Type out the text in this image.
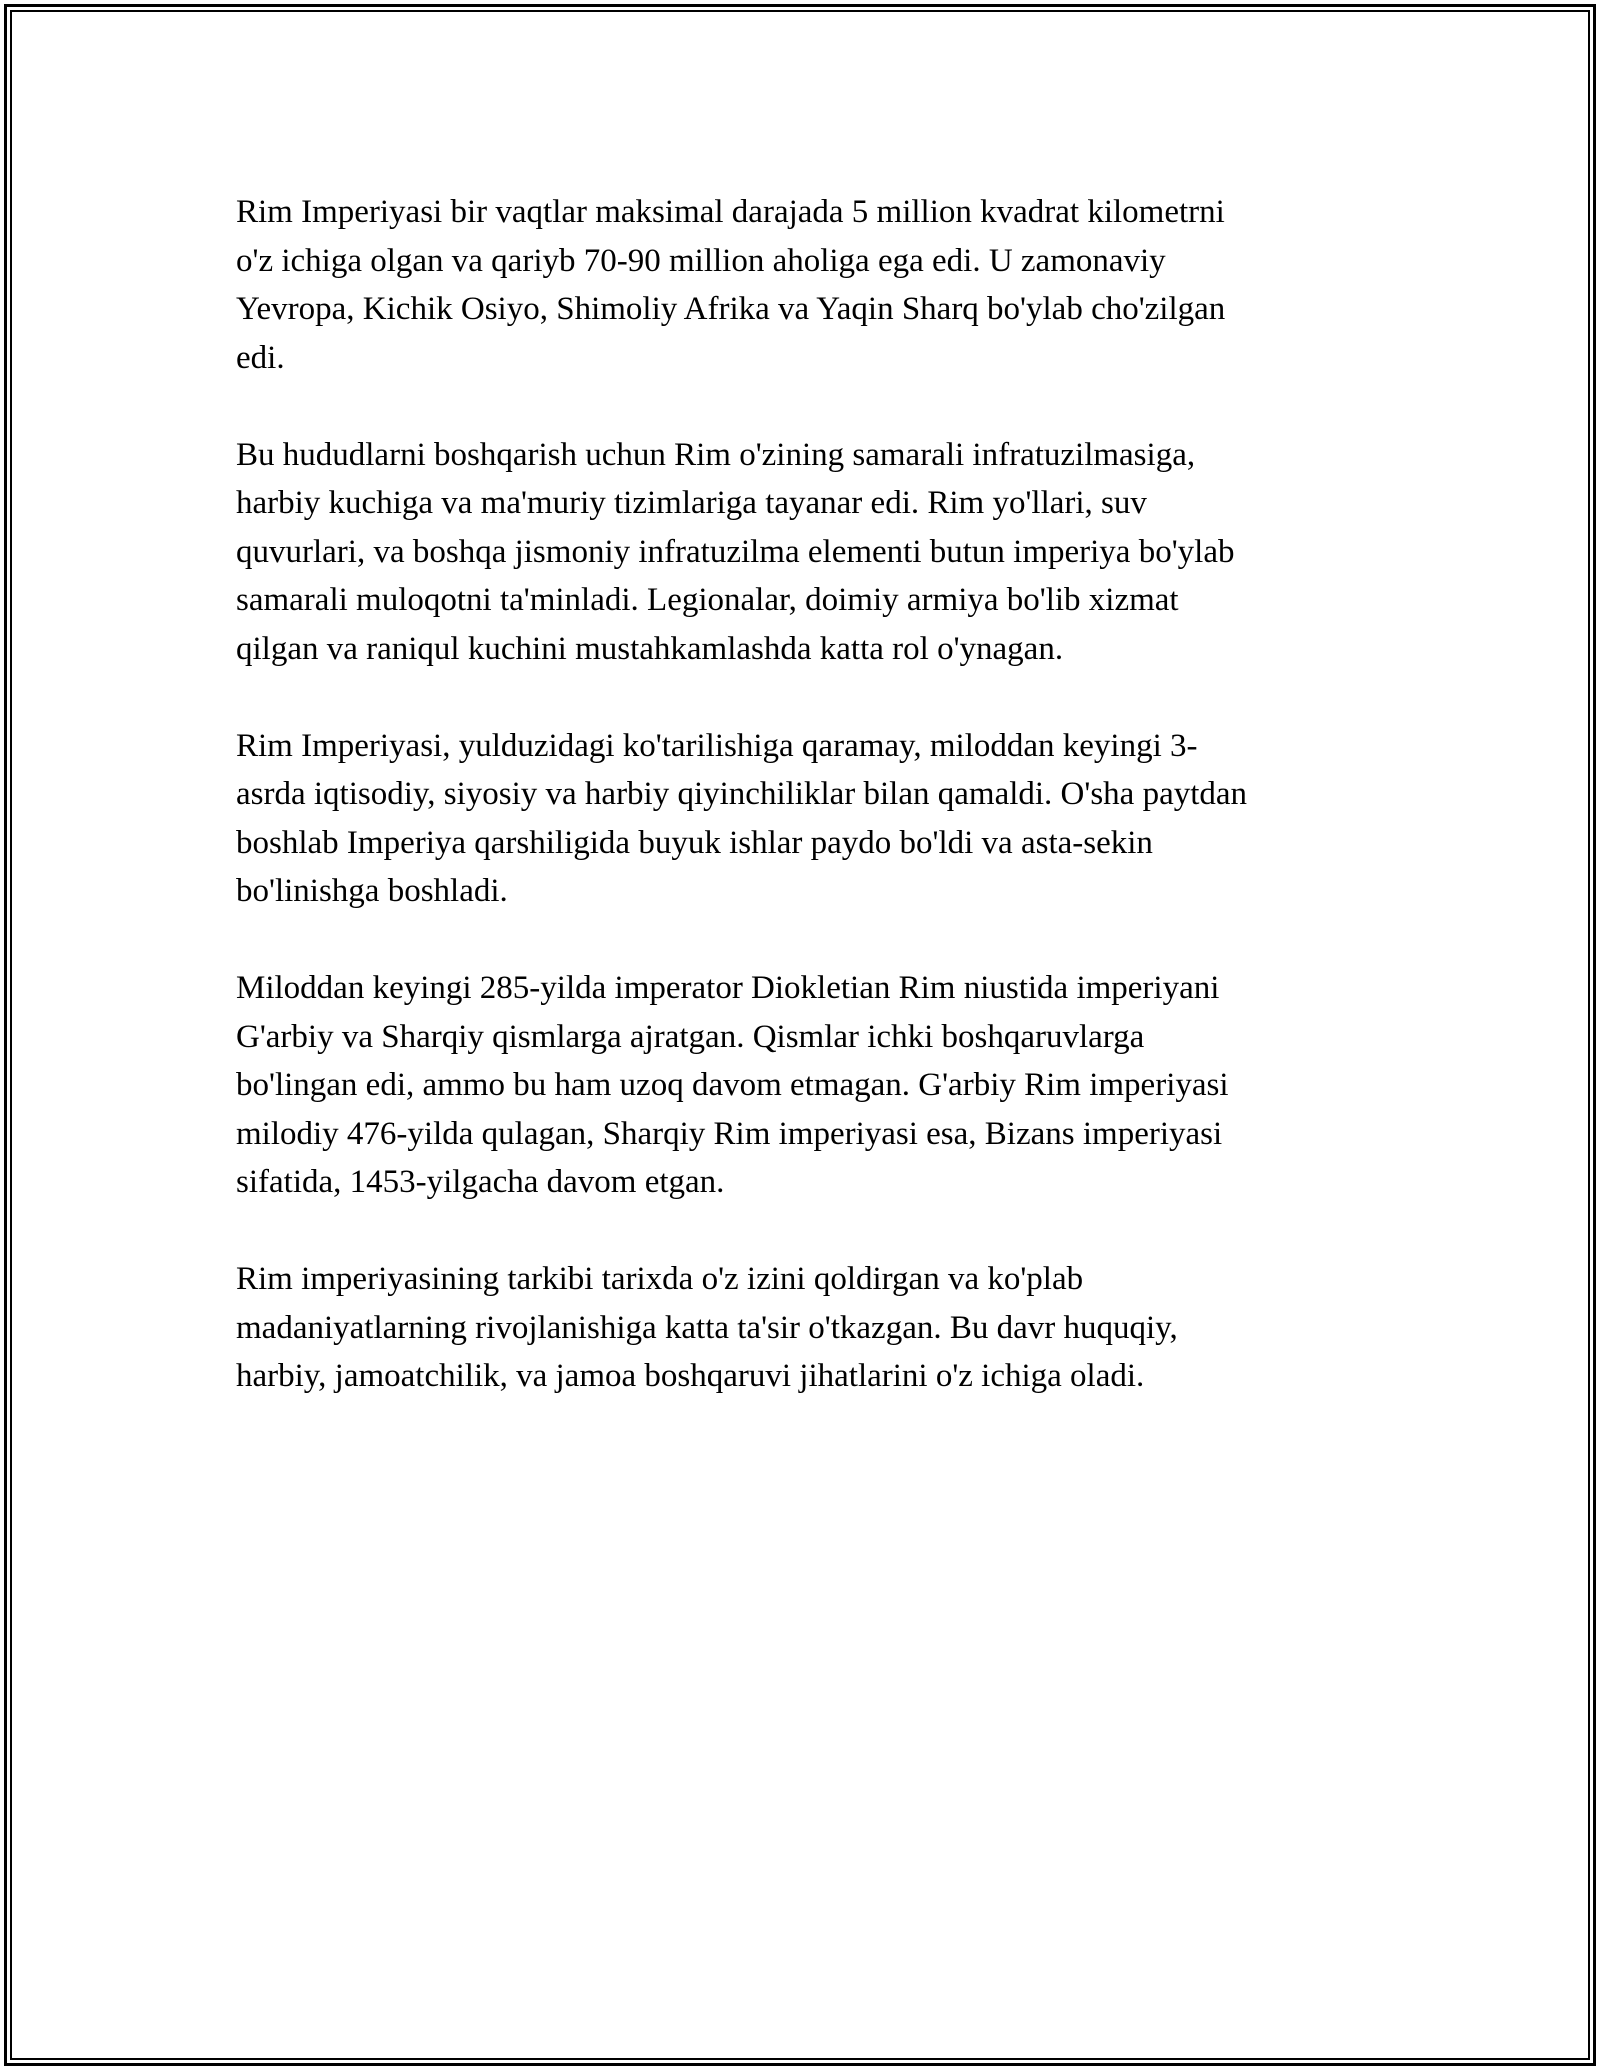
Rim Imperiyasi bir vaqtlar maksimal darajada 5 million kvadrat kilometrni
o'z ichiga olgan va qariyb 70-90 million aholiga ega edi. U zamonaviy
Yevropa, Kichik Osiyo, Shimoliy Afrika va Yaqin Sharq bo'ylab cho'zilgan
edi.

Bu hududlarni boshqarish uchun Rim o'zining samarali infratuzilmasiga,
harbiy kuchiga va ma'muriy tizimlariga tayanar edi. Rim yo'llari, suv
quvurlari, va boshqa jismoniy infratuzilma elementi butun imperiya bo'ylab
samarali muloqotni ta'minladi. Legionalar, doimiy armiya bo'lib xizmat
qilgan va raniqul kuchini mustahkamlashda katta rol o'ynagan.

Rim Imperiyasi, yulduzidagi ko'tarilishiga qaramay, miloddan keyingi 3-
asrda iqtisodiy, siyosiy va harbiy qiyinchiliklar bilan qamaldi. O'sha paytdan
boshlab Imperiya qarshiligida buyuk ishlar paydo bo'ldi va asta-sekin
bo'linishga boshladi.

Miloddan keyingi 285-yilda imperator Diokletian Rim niustida imperiyani
G'arbiy va Sharqiy qismlarga ajratgan. Qismlar ichki boshqaruvlarga
bo'lingan edi, ammo bu ham uzoq davom etmagan. G'arbiy Rim imperiyasi
milodiy 476-yilda qulagan, Sharqiy Rim imperiyasi esa, Bizans imperiyasi
sifatida, 1453-yilgacha davom etgan.

Rim imperiyasining tarkibi tarixda o'z izini qoldirgan va ko'plab
madaniyatlarning rivojlanishiga katta ta'sir o'tkazgan. Bu davr huquqiy,
harbiy, jamoatchilik, va jamoa boshqaruvi jihatlarini o'z ichiga oladi.
